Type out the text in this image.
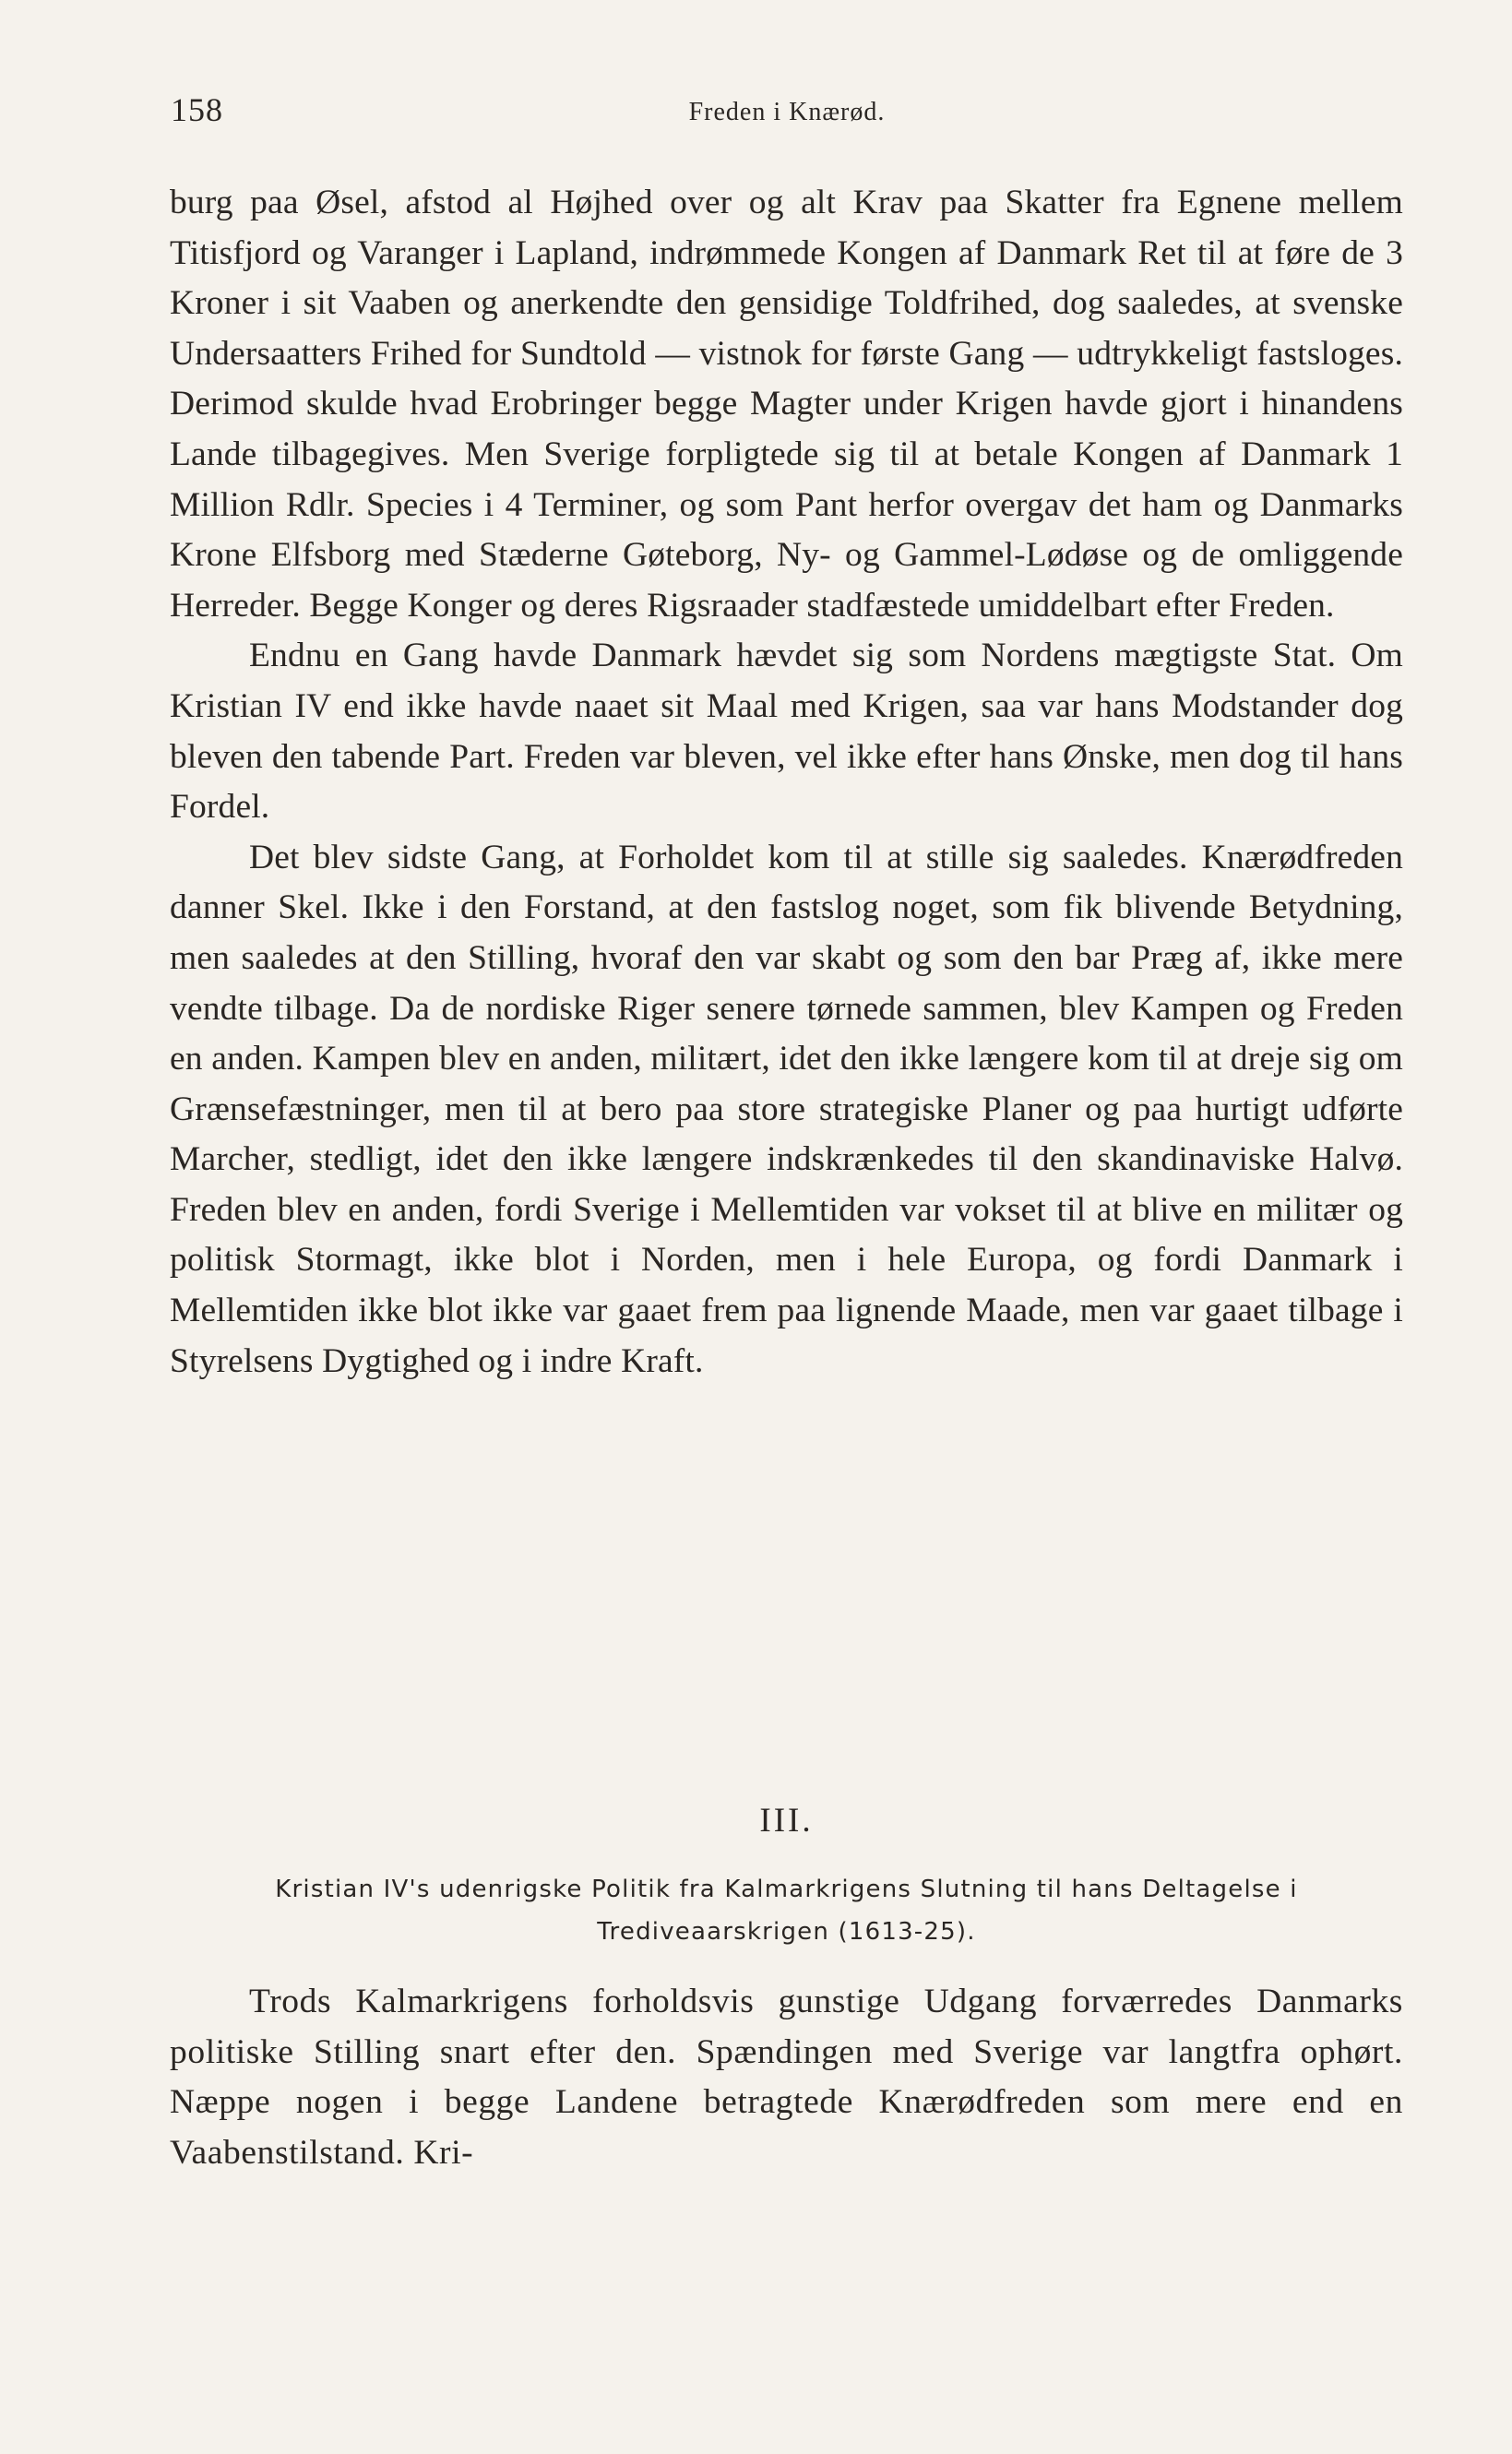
158	Freden i Knærød.

burg paa Øsel, afstod al Højhed over og alt Krav paa Skatter fra Egnene mellem Titisfjord og Varanger i Lapland, indrømmede Kongen af Danmark Ret til at føre de 3 Kroner i sit Vaaben og anerkendte den gensidige Toldfrihed, dog saaledes, at svenske Undersaatters Frihed for Sundtold — vistnok for første Gang — udtrykkeligt fastsloges. Derimod skulde hvad Erobringer begge Magter under Krigen havde gjort i hinandens Lande tilbagegives. Men Sverige forpligtede sig til at betale Kongen af Danmark 1 Million Rdlr. Species i 4 Terminer, og som Pant herfor overgav det ham og Danmarks Krone Elfsborg med Stæderne Gøteborg, Ny- og Gammel-Lødøse og de omliggende Herreder. Begge Konger og deres Rigsraader stadfæstede umiddelbart efter Freden.

Endnu en Gang havde Danmark hævdet sig som Nordens mægtigste Stat. Om Kristian IV end ikke havde naaet sit Maal med Krigen, saa var hans Modstander dog bleven den tabende Part. Freden var bleven, vel ikke efter hans Ønske, men dog til hans Fordel.

Det blev sidste Gang, at Forholdet kom til at stille sig saaledes. Knærødfreden danner Skel. Ikke i den Forstand, at den fastslog noget, som fik blivende Betydning, men saaledes at den Stilling, hvoraf den var skabt og som den bar Præg af, ikke mere vendte tilbage. Da de nordiske Riger senere tørnede sammen, blev Kampen og Freden en anden. Kampen blev en anden, militært, idet den ikke længere kom til at dreje sig om Grænsefæstninger, men til at bero paa store strategiske Planer og paa hurtigt udførte Marcher, stedligt, idet den ikke længere indskrænkedes til den skandinaviske Halvø. Freden blev en anden, fordi Sverige i Mellemtiden var vokset til at blive en militær og politisk Stormagt, ikke blot i Norden, men i hele Europa, og fordi Danmark i Mellemtiden ikke blot ikke var gaaet frem paa lignende Maade, men var gaaet tilbage i Styrelsens Dygtighed og i indre Kraft.

III.

Kristian IV's udenrigske Politik fra Kalmarkrigens Slutning til hans Deltagelse i Trediveaarskrigen (1613-25).

Trods Kalmarkrigens forholdsvis gunstige Udgang forværredes Danmarks politiske Stilling snart efter den. Spændingen med Sverige var langtfra ophørt. Næppe nogen i begge Landene betragtede Knærødfreden som mere end en Vaabenstilstand. Kri-
